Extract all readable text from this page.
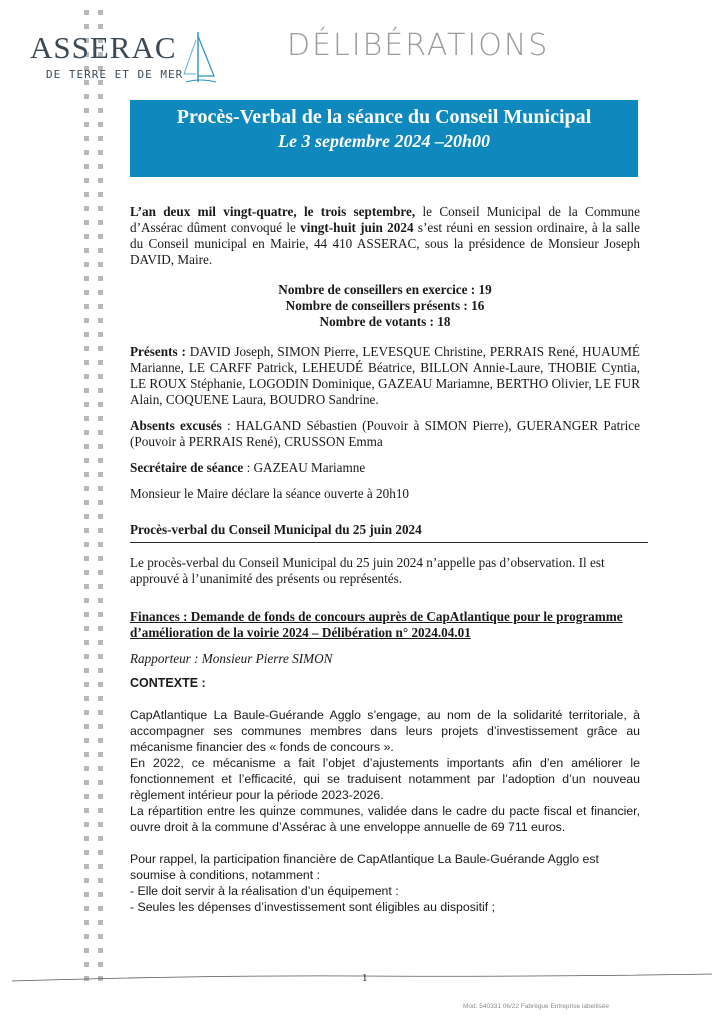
ASSERAC
DE TERRE ET DE MER
DÉLIBÉRATIONS
Procès-Verbal de la séance du Conseil Municipal
Le 3 septembre 2024 –20h00

L’an deux mil vingt-quatre, le trois septembre, le Conseil Municipal de la Commune d’Assérac dûment convoqué le vingt-huit juin 2024 s’est réuni en session ordinaire, à la salle du Conseil municipal en Mairie, 44 410 ASSERAC, sous la présidence de Monsieur Joseph DAVID, Maire.

Nombre de conseillers en exercice : 19
Nombre de conseillers présents : 16
Nombre de votants : 18

Présents : DAVID Joseph, SIMON Pierre, LEVESQUE Christine, PERRAIS René, HUAUMÉ Marianne, LE CARFF Patrick, LEHEUDÉ Béatrice, BILLON Annie-Laure, THOBIE Cyntia, LE ROUX Stéphanie, LOGODIN Dominique, GAZEAU Mariamne, BERTHO Olivier, LE FUR Alain, COQUENE Laura, BOUDRO Sandrine.

Absents excusés : HALGAND Sébastien (Pouvoir à SIMON Pierre), GUERANGER Patrice (Pouvoir à PERRAIS René), CRUSSON Emma

Secrétaire de séance : GAZEAU Mariamne

Monsieur le Maire déclare la séance ouverte à 20h10

Procès-verbal du Conseil Municipal du 25 juin 2024

Le procès-verbal du Conseil Municipal du 25 juin 2024 n’appelle pas d’observation. Il est approuvé à l’unanimité des présents ou représentés.

Finances : Demande de fonds de concours auprès de CapAtlantique pour le programme d’amélioration de la voirie 2024 – Délibération n° 2024.04.01

Rapporteur : Monsieur Pierre SIMON

CONTEXTE :

CapAtlantique La Baule-Guérande Agglo s’engage, au nom de la solidarité territoriale, à accompagner ses communes membres dans leurs projets d’investissement grâce au mécanisme financier des « fonds de concours ».

En 2022, ce mécanisme a fait l’objet d’ajustements importants afin d’en améliorer le fonctionnement et l’efficacité, qui se traduisent notamment par l’adoption d’un nouveau règlement intérieur pour la période 2023-2026.

La répartition entre les quinze communes, validée dans le cadre du pacte fiscal et financier, ouvre droit à la commune d’Assérac à une enveloppe annuelle de 69 711 euros.

Pour rappel, la participation financière de CapAtlantique La Baule-Guérande Agglo est soumise à conditions, notamment :

- Elle doit servir à la réalisation d’un équipement :

- Seules les dépenses d’investissement sont éligibles au dispositif ;

1
Mod. 540331 06/22 Fabrègue Entreprise labellisée
